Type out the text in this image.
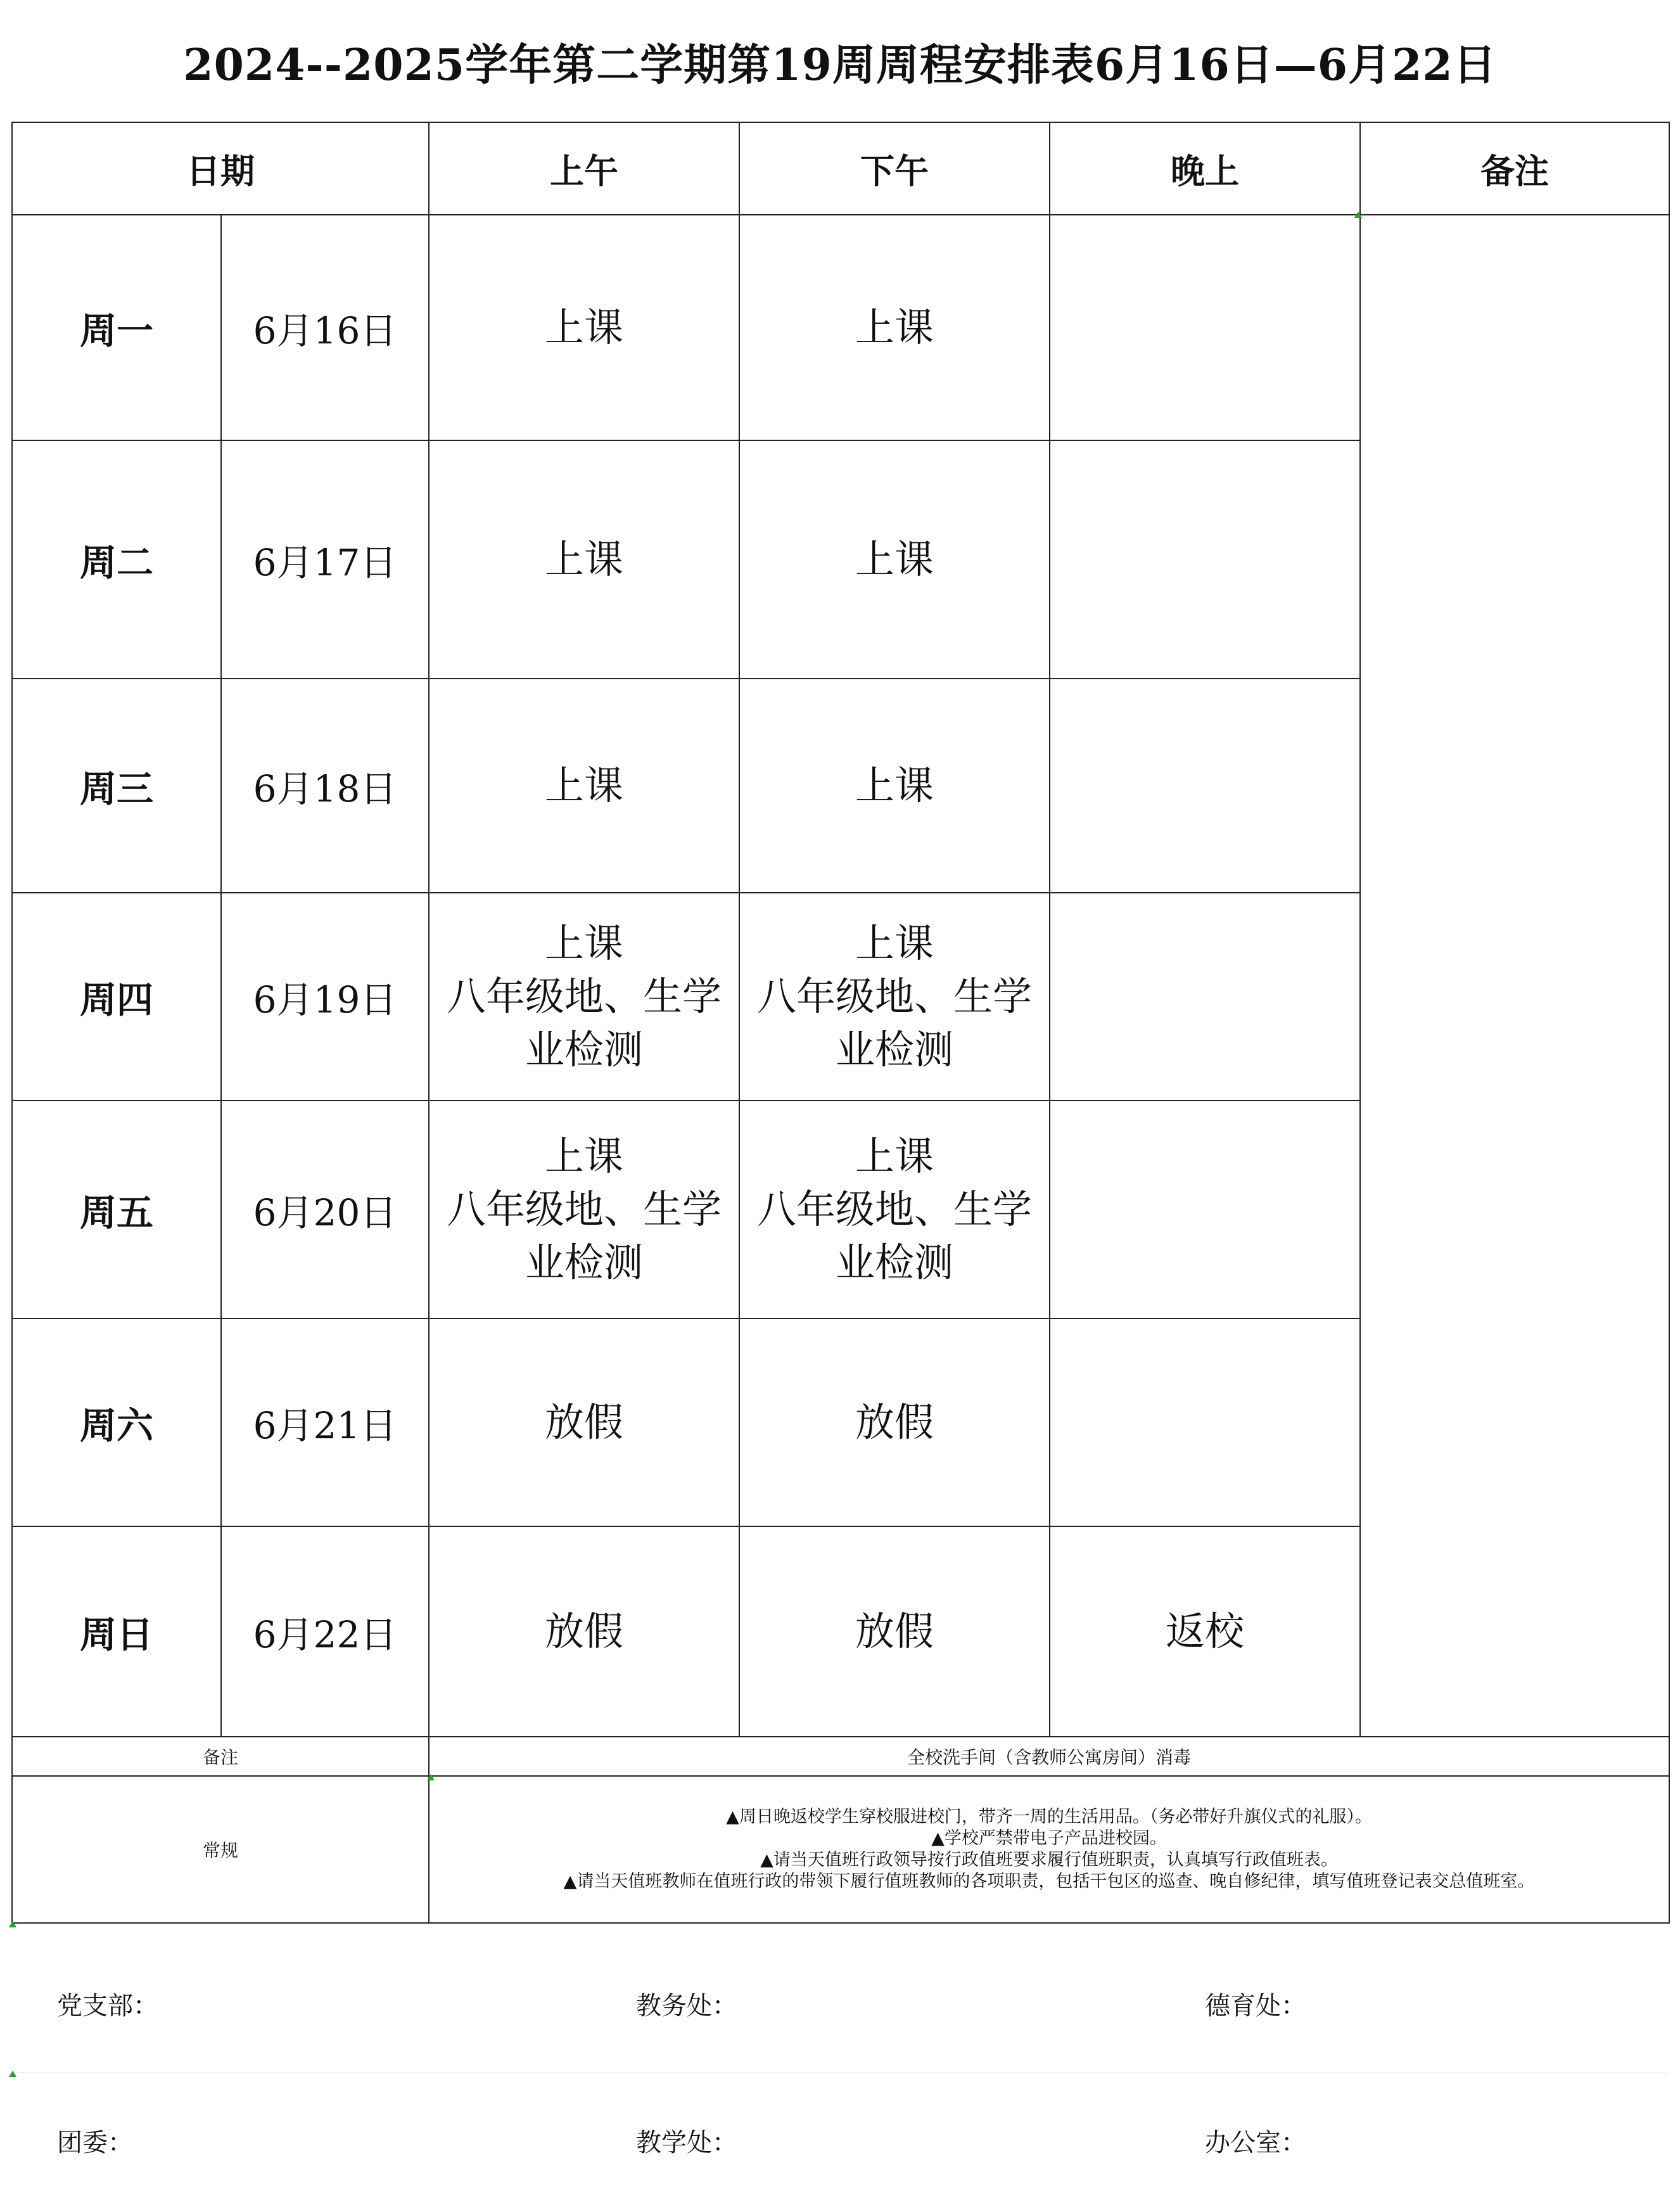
2024--2025学年第二学期第19周周程安排表6月16日—6月22日
日期		上午	下午	晚上	备注
周一	6月16日	上课	上课		

周二	6月17日	上课	上课		

周三	6月18日	上课	上课		

周四	6月19日	上课
八年级地、生学
业检测	上课
八年级地、生学
业检测		

周五	6月20日	上课
八年级地、生学
业检测	上课
八年级地、生学
业检测		

周六	6月21日	放假	放假		

周日	6月22日	放假	放假	返校	
备注		全校洗手间（含教师公寓房间）消毒			
常规		▲周日晚返校学生穿校服进校门，带齐一周的生活用品。（务必带好升旗仪式的礼服）。
▲学校严禁带电子产品进校园。
▲请当天值班行政领导按行政值班要求履行值班职责，认真填写行政值班表。
▲请当天值班教师在值班行政的带领下履行值班教师的各项职责，包括干包区的巡查、晚自修纪律，填写值班登记表交总值班室。			
党支部：	教务处：	德育处：
团委：	教学处：	办公室：
